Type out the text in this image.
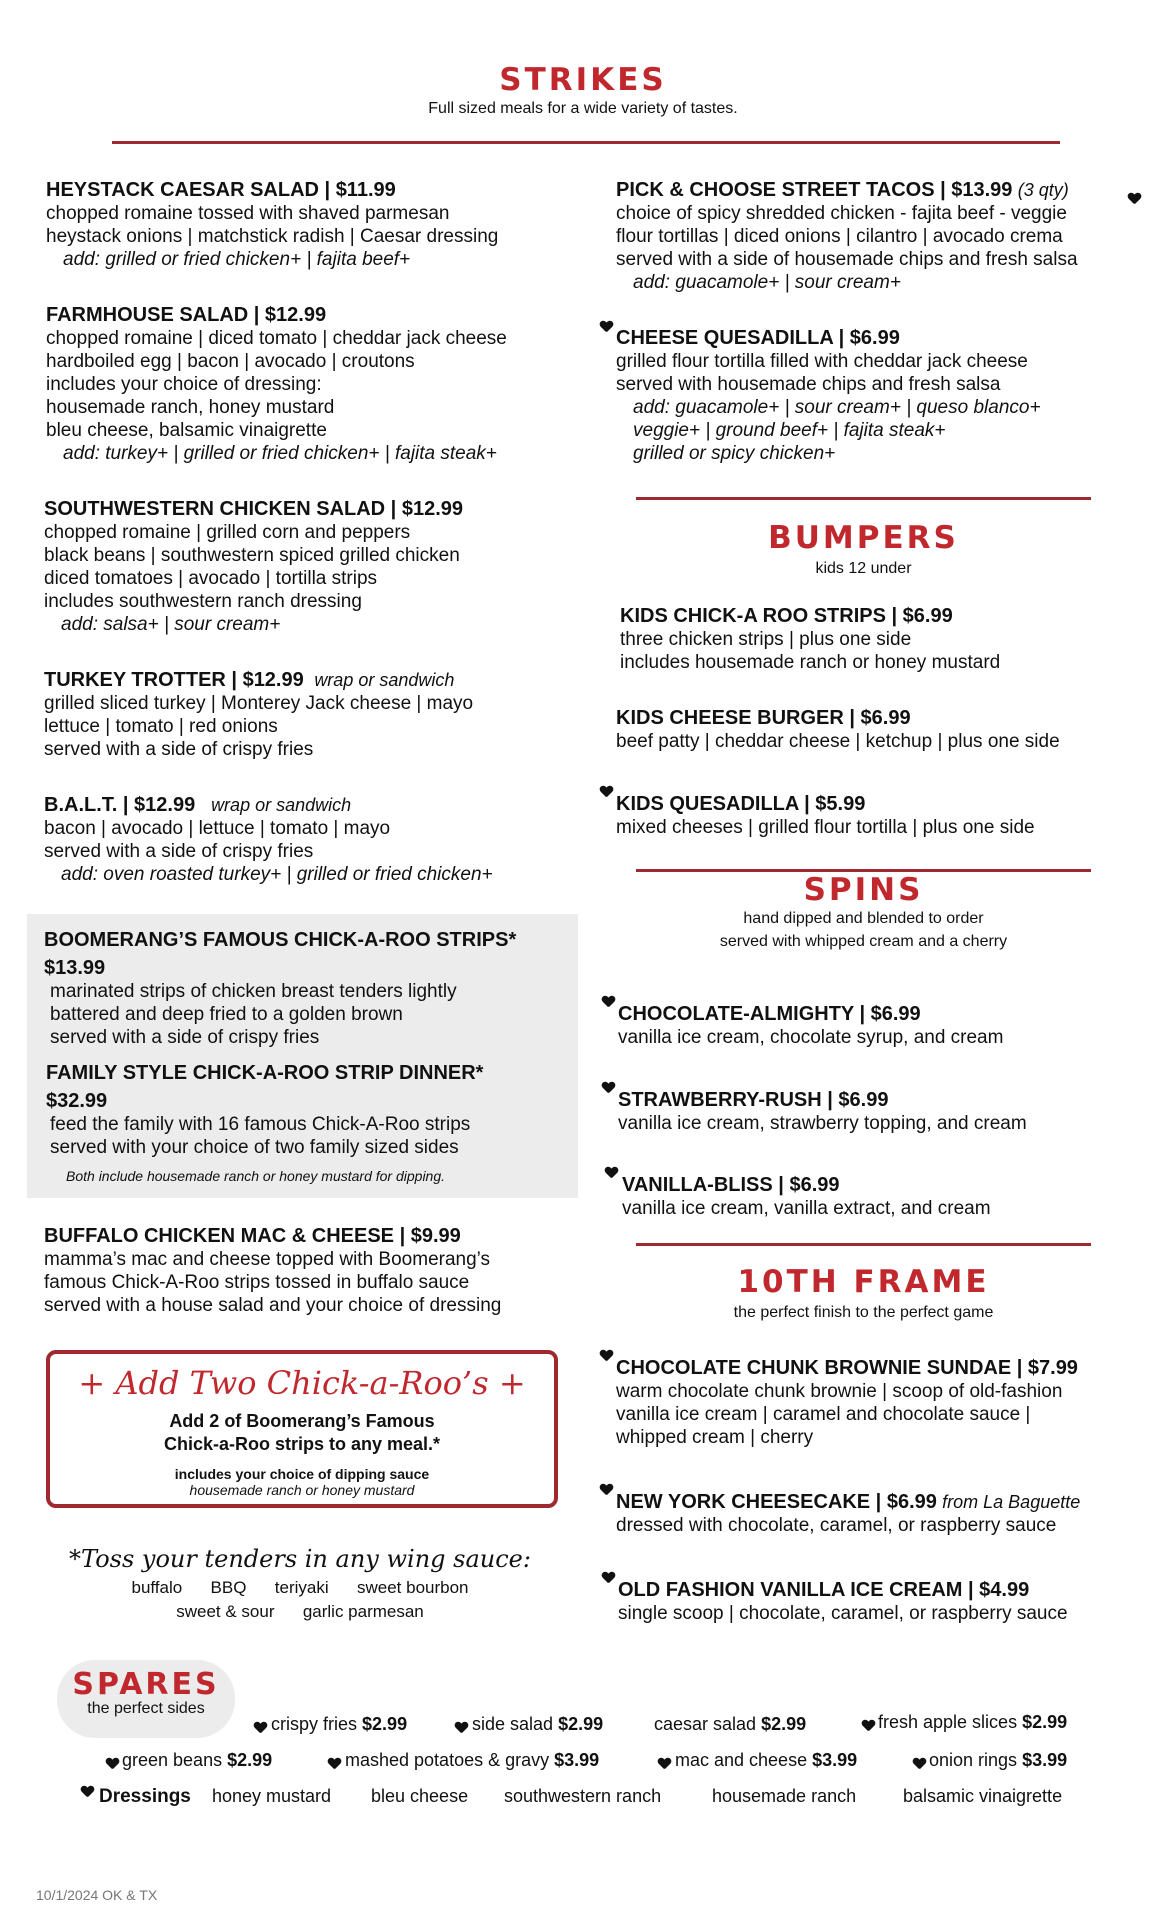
STRIKES
Full sized meals for a wide variety of tastes.
HEYSTACK CAESAR SALAD | $11.99
chopped romaine tossed with shaved parmesan
heystack onions | matchstick radish | Caesar dressing
add: grilled or fried chicken+ | fajita beef+
FARMHOUSE SALAD | $12.99
chopped romaine | diced tomato | cheddar jack cheese
hardboiled egg | bacon | avocado | croutons
includes your choice of dressing:
housemade ranch, honey mustard
bleu cheese, balsamic vinaigrette
add: turkey+ | grilled or fried chicken+ | fajita steak+
SOUTHWESTERN CHICKEN SALAD | $12.99
chopped romaine | grilled corn and peppers
black beans | southwestern spiced grilled chicken
diced tomatoes | avocado | tortilla strips
includes southwestern ranch dressing
add: salsa+ | sour cream+
TURKEY TROTTER | $12.99 wrap or sandwich
grilled sliced turkey | Monterey Jack cheese | mayo
lettuce | tomato | red onions
served with a side of crispy fries
B.A.L.T. | $12.99 wrap or sandwich
bacon | avocado | lettuce | tomato | mayo
served with a side of crispy fries
add: oven roasted turkey+ | grilled or fried chicken+
BOOMERANG’S FAMOUS CHICK-A-ROO STRIPS*
$13.99
marinated strips of chicken breast tenders lightly
battered and deep fried to a golden brown
served with a side of crispy fries
FAMILY STYLE CHICK-A-ROO STRIP DINNER*
$32.99
feed the family with 16 famous Chick-A-Roo strips
served with your choice of two family sized sides
Both include housemade ranch or honey mustard for dipping.
BUFFALO CHICKEN MAC & CHEESE | $9.99
mamma’s mac and cheese topped with Boomerang’s
famous Chick-A-Roo strips tossed in buffalo sauce
served with a house salad and your choice of dressing
+ Add Two Chick-a-Roo’s +
Add 2 of Boomerang’s Famous
Chick-a-Roo strips to any meal.*
includes your choice of dipping sauce
housemade ranch or honey mustard
*Toss your tenders in any wing sauce:
buffalo      BBQ      teriyaki      sweet bourbon
sweet & sour      garlic parmesan
PICK & CHOOSE STREET TACOS | $13.99 (3 qty)
choice of spicy shredded chicken - fajita beef - veggie
flour tortillas | diced onions | cilantro | avocado crema
served with a side of housemade chips and fresh salsa
add: guacamole+ | sour cream+
CHEESE QUESADILLA | $6.99
grilled flour tortilla filled with cheddar jack cheese
served with housemade chips and fresh salsa
add: guacamole+ | sour cream+ | queso blanco+
veggie+ | ground beef+ | fajita steak+
grilled or spicy chicken+
BUMPERS
kids 12 under
KIDS CHICK-A ROO STRIPS | $6.99
three chicken strips | plus one side
includes housemade ranch or honey mustard
KIDS CHEESE BURGER | $6.99
beef patty | cheddar cheese | ketchup | plus one side
KIDS QUESADILLA | $5.99
mixed cheeses | grilled flour tortilla | plus one side
SPINS
hand dipped and blended to order
served with whipped cream and a cherry
CHOCOLATE-ALMIGHTY | $6.99
vanilla ice cream, chocolate syrup, and cream
STRAWBERRY-RUSH | $6.99
vanilla ice cream, strawberry topping, and cream
VANILLA-BLISS | $6.99
vanilla ice cream, vanilla extract, and cream
10TH FRAME
the perfect finish to the perfect game
CHOCOLATE CHUNK BROWNIE SUNDAE | $7.99
warm chocolate chunk brownie | scoop of old-fashion
vanilla ice cream | caramel and chocolate sauce |
whipped cream | cherry
NEW YORK CHEESECAKE | $6.99 from La Baguette
dressed with chocolate, caramel, or raspberry sauce
OLD FASHION VANILLA ICE CREAM | $4.99
single scoop | chocolate, caramel, or raspberry sauce
SPARES
the perfect sides
crispy fries $2.99	side salad $2.99	caesar salad $2.99	fresh apple slices $2.99
green beans $2.99	mashed potatoes & gravy $3.99	mac and cheese $3.99	onion rings $3.99
Dressings honey mustard bleu cheese southwestern ranch	housemade ranch	balsamic vinaigrette
10/1/2024 OK & TX
